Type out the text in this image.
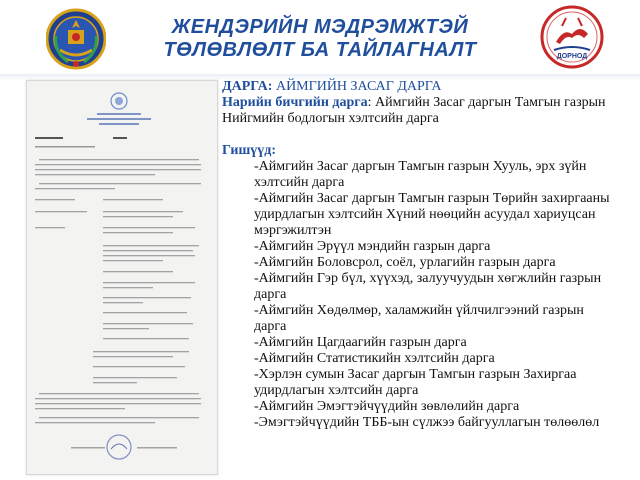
ЖЕНДЭРИЙН МЭДРЭМЖТЭЙ
ТӨЛӨВЛӨЛТ БА ТАЙЛАГНАЛТ	ДОРНОД
ДАРГА: АЙМГИЙН ЗАСАГ ДАРГА
Нарийн бичгийн дарга: Аймгийн Засаг даргын Тамгын газрын
Нийгмийн бодлогын хэлтсийн дарга
Гишүүд:
-Аймгийн Засаг даргын Тамгын газрын Хууль, эрх зүйн
хэлтсийн дарга
-Аймгийн Засаг даргын Тамгын газрын Төрийн захиргааны
удирдлагын хэлтсийн Хүний нөөцийн асуудал хариуцсан
мэргэжилтэн
-Аймгийн Эрүүл мэндийн газрын дарга
-Аймгийн Боловсрол, соёл, урлагийн газрын дарга
-Аймгийн Гэр бүл, хүүхэд, залуучуудын хөгжлийн газрын
дарга
-Аймгийн Хөдөлмөр, халамжийн үйлчилгээний газрын
дарга
-Аймгийн Цагдаагийн газрын дарга
-Аймгийн Статистикийн хэлтсийн дарга
-Хэрлэн сумын Засаг даргын Тамгын газрын Захиргаа
удирдлагын хэлтсийн дарга
-Аймгийн Эмэгтэйчүүдийн зөвлөлийн дарга
-Эмэгтэйчүүдийн ТББ-ын сүлжээ байгууллагын төлөөлөл
